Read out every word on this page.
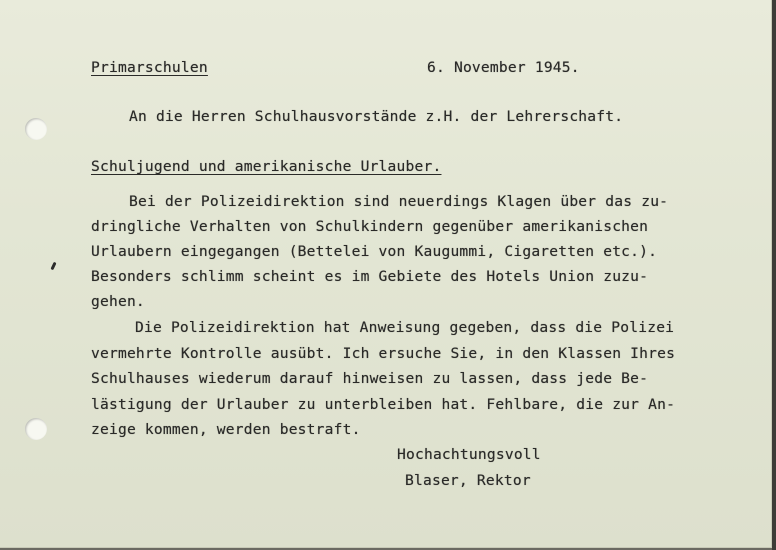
Primarschulen	6. November 1945.
An die Herren Schulhausvorstände z.H. der Lehrerschaft.
Schuljugend und amerikanische Urlauber.
Bei der Polizeidirektion sind neuerdings Klagen über das zu-
dringliche Verhalten von Schulkindern gegenüber amerikanischen
Urlaubern eingegangen (Bettelei von Kaugummi, Cigaretten etc.).
Besonders schlimm scheint es im Gebiete des Hotels Union zuzu-
gehen.
Die Polizeidirektion hat Anweisung gegeben, dass die Polizei
vermehrte Kontrolle ausübt. Ich ersuche Sie, in den Klassen Ihres
Schulhauses wiederum darauf hinweisen zu lassen, dass jede Be-
lästigung der Urlauber zu unterbleiben hat. Fehlbare, die zur An-
zeige kommen, werden bestraft.
Hochachtungsvoll
Blaser, Rektor
